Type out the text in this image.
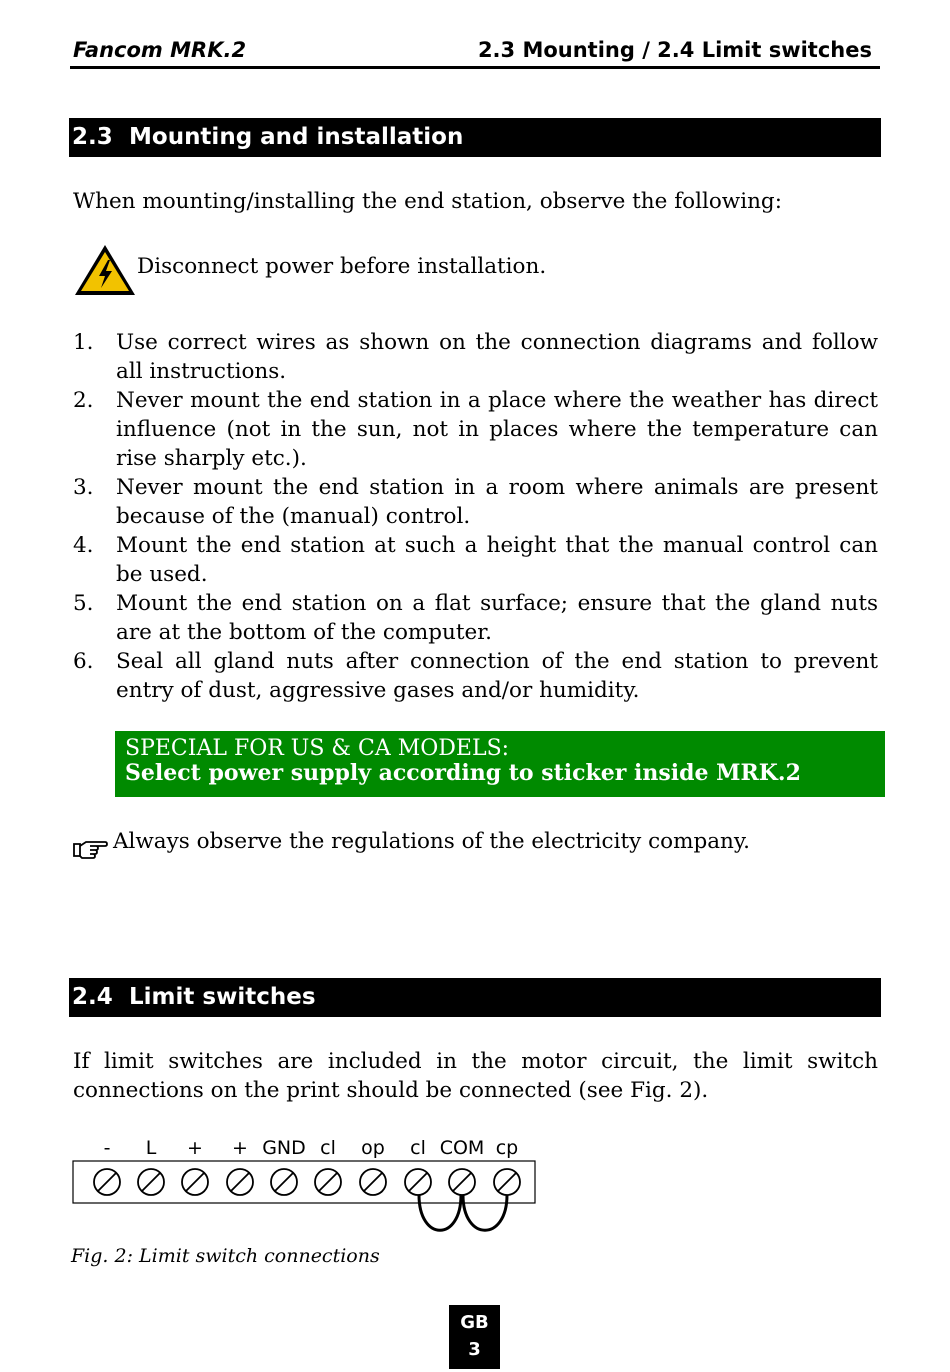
Fancom MRK.2	2.3 Mounting / 2.4 Limit switches
2.3 Mounting and installation
When mounting/installing the end station, observe the following:
Disconnect power before installation.
1. Use correct wires as shown on the connection diagrams and follow all instructions.
2. Never mount the end station in a place where the weather has direct influence (not in the sun, not in places where the temperature can rise sharply etc.).
3. Never mount the end station in a room where animals are present because of the (manual) control.
4. Mount the end station at such a height that the manual control can be used.
5. Mount the end station on a flat surface; ensure that the gland nuts are at the bottom of the computer.
6. Seal all gland nuts after connection of the end station to prevent entry of dust, aggressive gases and/or humidity.
SPECIAL FOR US & CA MODELS:
Select power supply according to sticker inside MRK.2
Always observe the regulations of the electricity company.
2.4 Limit switches
If limit switches are included in the motor circuit, the limit switch connections on the print should be connected (see Fig. 2).
- L + + GND cl op cl COM cp
Fig. 2: Limit switch connections
GB
3
